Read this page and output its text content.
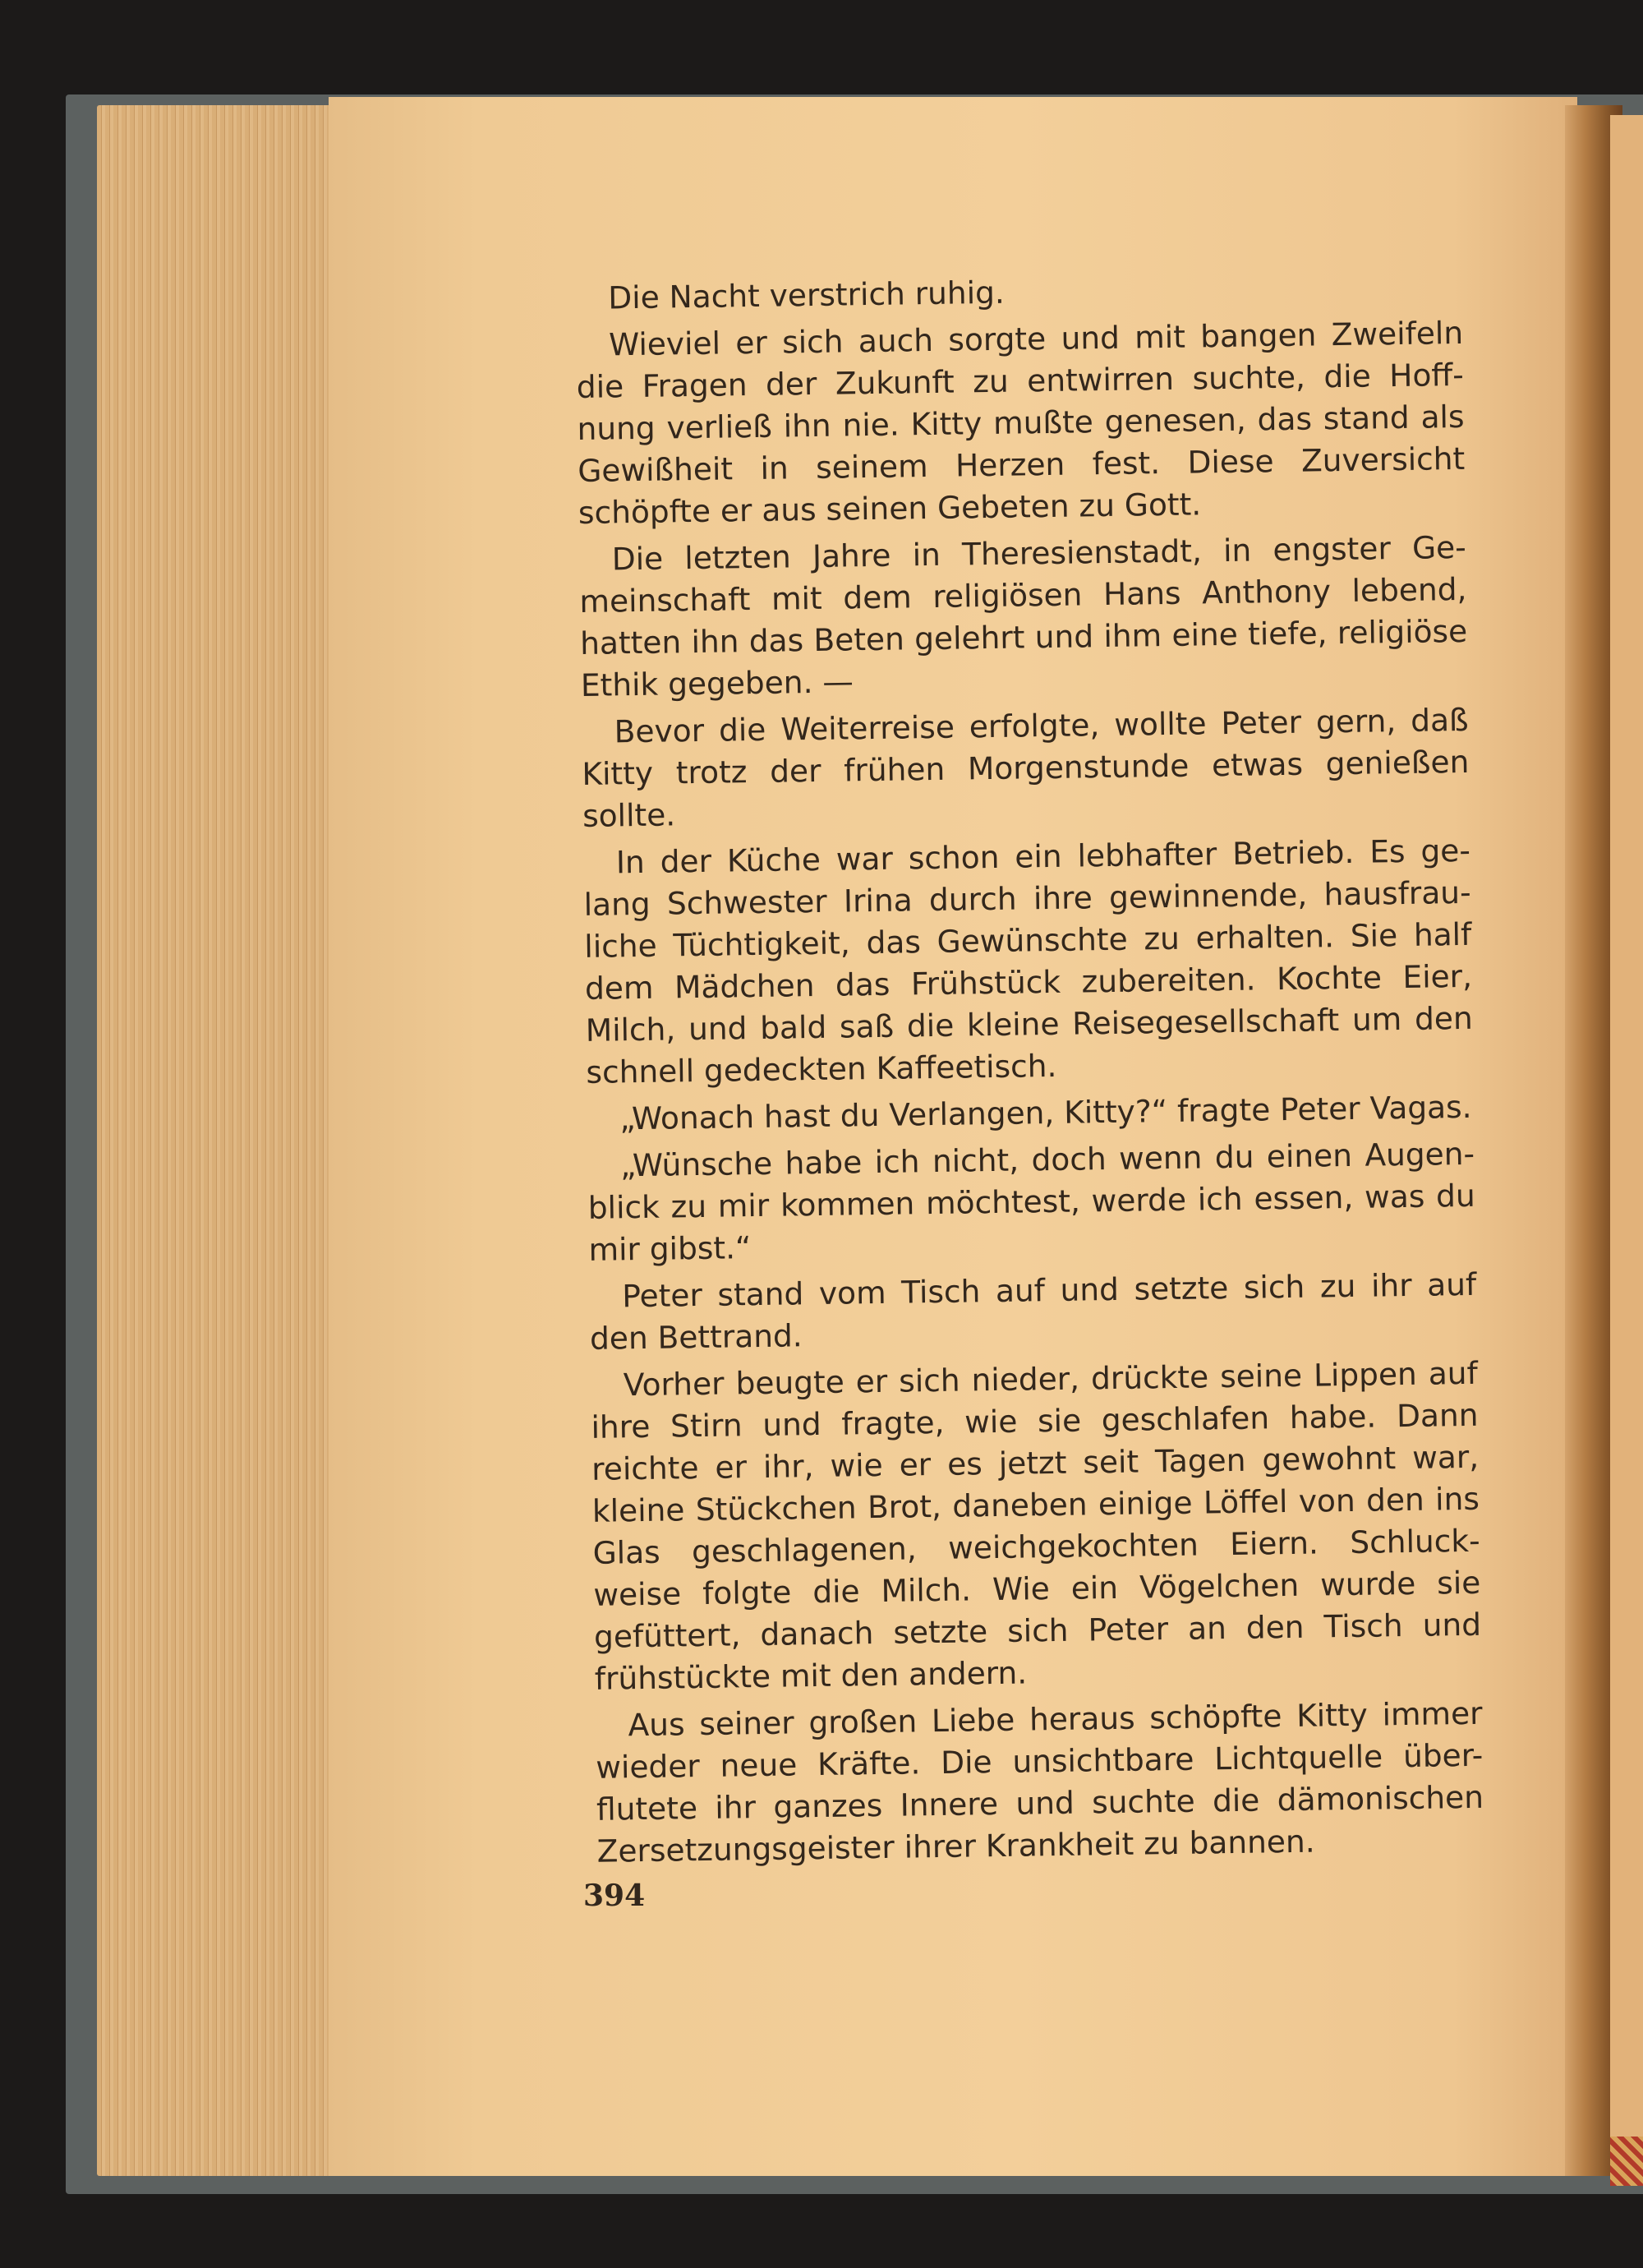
Die Nacht verstrich ruhig.

Wieviel er sich auch sorgte und mit bangen Zweifeln die Fragen der Zukunft zu entwirren suchte, die Hoff- nung verließ ihn nie. Kitty mußte genesen, das stand als Gewißheit in seinem Herzen fest. Diese Zuversicht schöpfte er aus seinen Gebeten zu Gott.

Die letzten Jahre in Theresienstadt, in engster Ge- meinschaft mit dem religiösen Hans Anthony lebend, hatten ihn das Beten gelehrt und ihm eine tiefe, religiöse Ethik gegeben. —

Bevor die Weiterreise erfolgte, wollte Peter gern, daß Kitty trotz der frühen Morgenstunde etwas genießen sollte.

In der Küche war schon ein lebhafter Betrieb. Es ge- lang Schwester Irina durch ihre gewinnende, hausfrau- liche Tüchtigkeit, das Gewünschte zu erhalten. Sie half dem Mädchen das Frühstück zubereiten. Kochte Eier, Milch, und bald saß die kleine Reisegesellschaft um den schnell gedeckten Kaffeetisch.

„Wonach hast du Verlangen, Kitty?“ fragte Peter Vagas.

„Wünsche habe ich nicht, doch wenn du einen Augen- blick zu mir kommen möchtest, werde ich essen, was du mir gibst.“

Peter stand vom Tisch auf und setzte sich zu ihr auf den Bettrand.

Vorher beugte er sich nieder, drückte seine Lippen auf ihre Stirn und fragte, wie sie geschlafen habe. Dann reichte er ihr, wie er es jetzt seit Tagen gewohnt war, kleine Stückchen Brot, daneben einige Löffel von den ins Glas geschlagenen, weichgekochten Eiern. Schluck- weise folgte die Milch. Wie ein Vögelchen wurde sie gefüttert, danach setzte sich Peter an den Tisch und frühstückte mit den andern.

Aus seiner großen Liebe heraus schöpfte Kitty immer wieder neue Kräfte. Die unsichtbare Lichtquelle über- flutete ihr ganzes Innere und suchte die dämonischen Zersetzungsgeister ihrer Krankheit zu bannen.

394
